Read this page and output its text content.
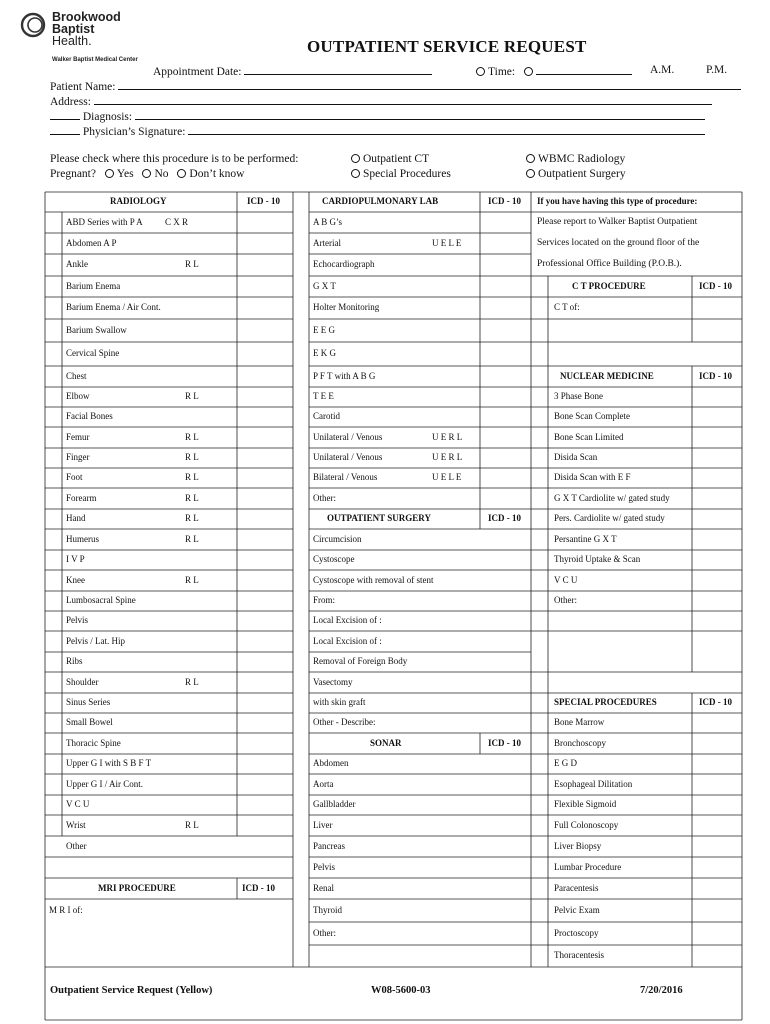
Brookwood
Baptist
Health.
Walker Baptist Medical Center
OUTPATIENT SERVICE REQUEST
Appointment Date:	Time:	A.M.	P.M.
Patient Name:
Address:
Diagnosis:
Physician’s Signature:
Please check where this procedure is to be performed:	Outpatient CT	WBMC Radiology
Pregnant? Yes No Don’t know	Special Procedures	Outpatient Surgery
RADIOLOGY	ICD - 10
ABD Series with P A C X R
Abdomen A P
Ankle	R L
Barium Enema
Barium Enema / Air Cont.
Barium Swallow
Cervical Spine
Chest
Elbow	R L
Facial Bones
Femur	R L
Finger	R L
Foot	R L
Forearm	R L
Hand	R L
Humerus	R L
I V P
Knee	R L
Lumbosacral Spine
Pelvis
Pelvis / Lat. Hip
Ribs
Shoulder	R L
Sinus Series
Small Bowel
Thoracic Spine
Upper G I with S B F T
Upper G I / Air Cont.
V C U
Wrist	R L
Other
MRI PROCEDURE	ICD - 10
M R I of:
CARDIOPULMONARY LAB	ICD - 10
A B G’s
Arterial	U E L E
Echocardiograph
G X T
Holter Monitoring
E E G
E K G
P F T with A B G
T E E
Carotid
Unilateral / Venous	U E R L
Unilateral / Venous	U E R L
Bilateral / Venous	U E L E
Other:
OUTPATIENT SURGERY	ICD - 10
Circumcision
Cystoscope
Cystoscope with removal of stent
From:
Local Excision of :
Local Excision of :
Removal of Foreign Body
Vasectomy
with skin graft
Other - Describe:
SONAR	ICD - 10
Abdomen
Aorta
Gallbladder
Liver
Pancreas
Pelvis
Renal
Thyroid
Other:
If you have having this type of procedure:
Please report to Walker Baptist Outpatient
Services located on the ground floor of the
Professional Office Building (P.O.B.).
C T PROCEDURE	ICD - 10
C T of:
NUCLEAR MEDICINE	ICD - 10
3 Phase Bone
Bone Scan Complete
Bone Scan Limited
Disida Scan
Disida Scan with E F
G X T Cardiolite w/ gated study
Pers. Cardiolite w/ gated study
Persantine G X T
Thyroid Uptake & Scan
V C U
Other:
SPECIAL PROCEDURES	ICD - 10
Bone Marrow
Bronchoscopy
E G D
Esophageal Dilitation
Flexible Sigmoid
Full Colonoscopy
Liver Biopsy
Lumbar Procedure
Paracentesis
Pelvic Exam
Proctoscopy
Thoracentesis
Outpatient Service Request (Yellow)	W08-5600-03	7/20/2016
